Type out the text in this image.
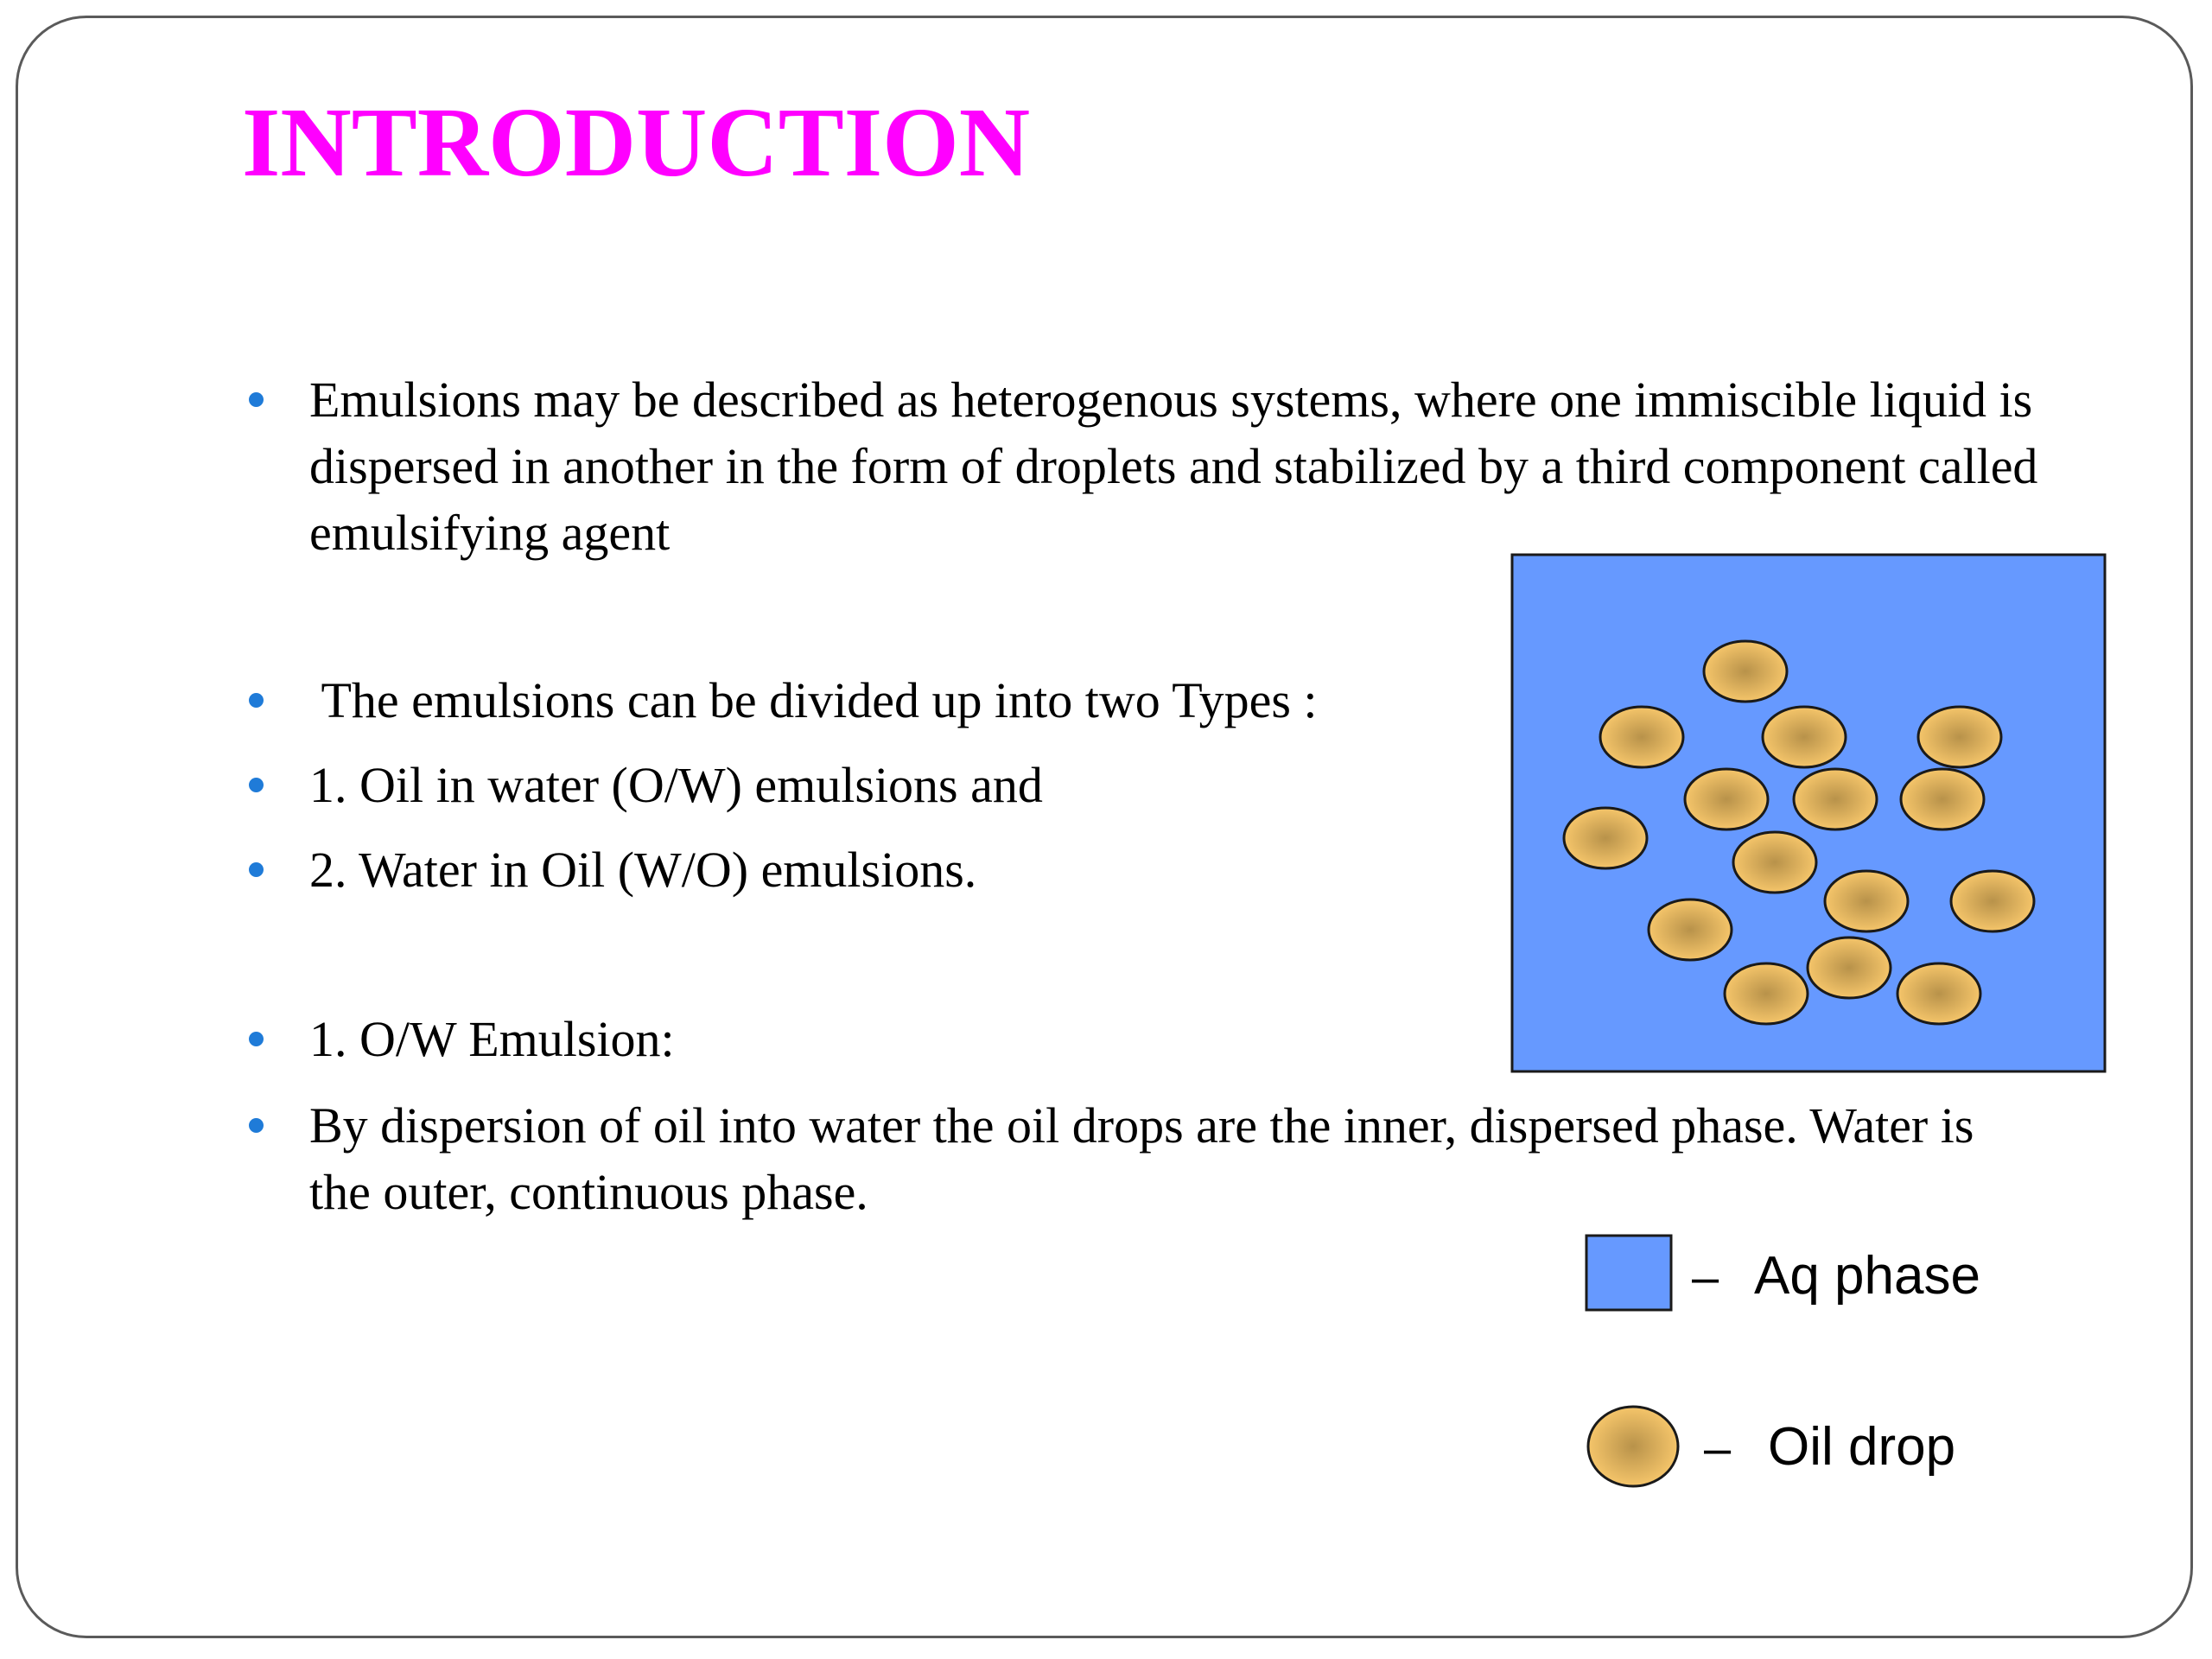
INTRODUCTION
Emulsions may be described as heterogenous systems, where one immiscible liquid is dispersed in another in the form of droplets and stabilized by a third component called emulsifying agent
The emulsions can be divided up into two Types :
1. Oil in water (O/W) emulsions and
2. Water in Oil (W/O) emulsions.
1. O/W Emulsion:
By dispersion of oil into water the oil drops are the inner, dispersed phase. Water is the outer, continuous phase.
– Aq phase
– Oil drop
